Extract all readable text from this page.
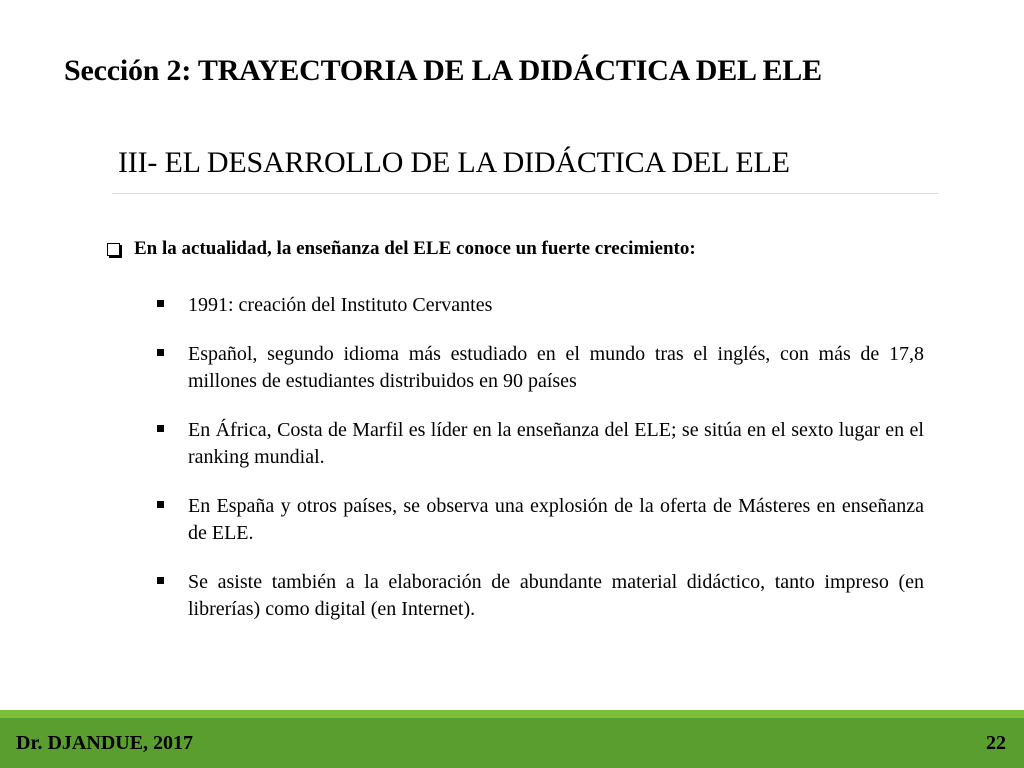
Sección 2: TRAYECTORIA DE LA DIDÁCTICA DEL ELE
III- EL DESARROLLO DE LA DIDÁCTICA DEL ELE
En la actualidad, la enseñanza del ELE conoce un fuerte crecimiento:
1991: creación del Instituto Cervantes
Español, segundo idioma más estudiado en el mundo tras el inglés, con más de 17,8 millones de estudiantes distribuidos en 90 países
En África, Costa de Marfil es líder en la enseñanza del ELE; se sitúa en el sexto lugar en el ranking mundial.
En España y otros países, se observa una explosión de la oferta de Másteres en enseñanza de ELE.
Se asiste también a la elaboración de abundante material didáctico, tanto impreso (en librerías) como digital (en Internet).
Dr. DJANDUE, 2017	22
